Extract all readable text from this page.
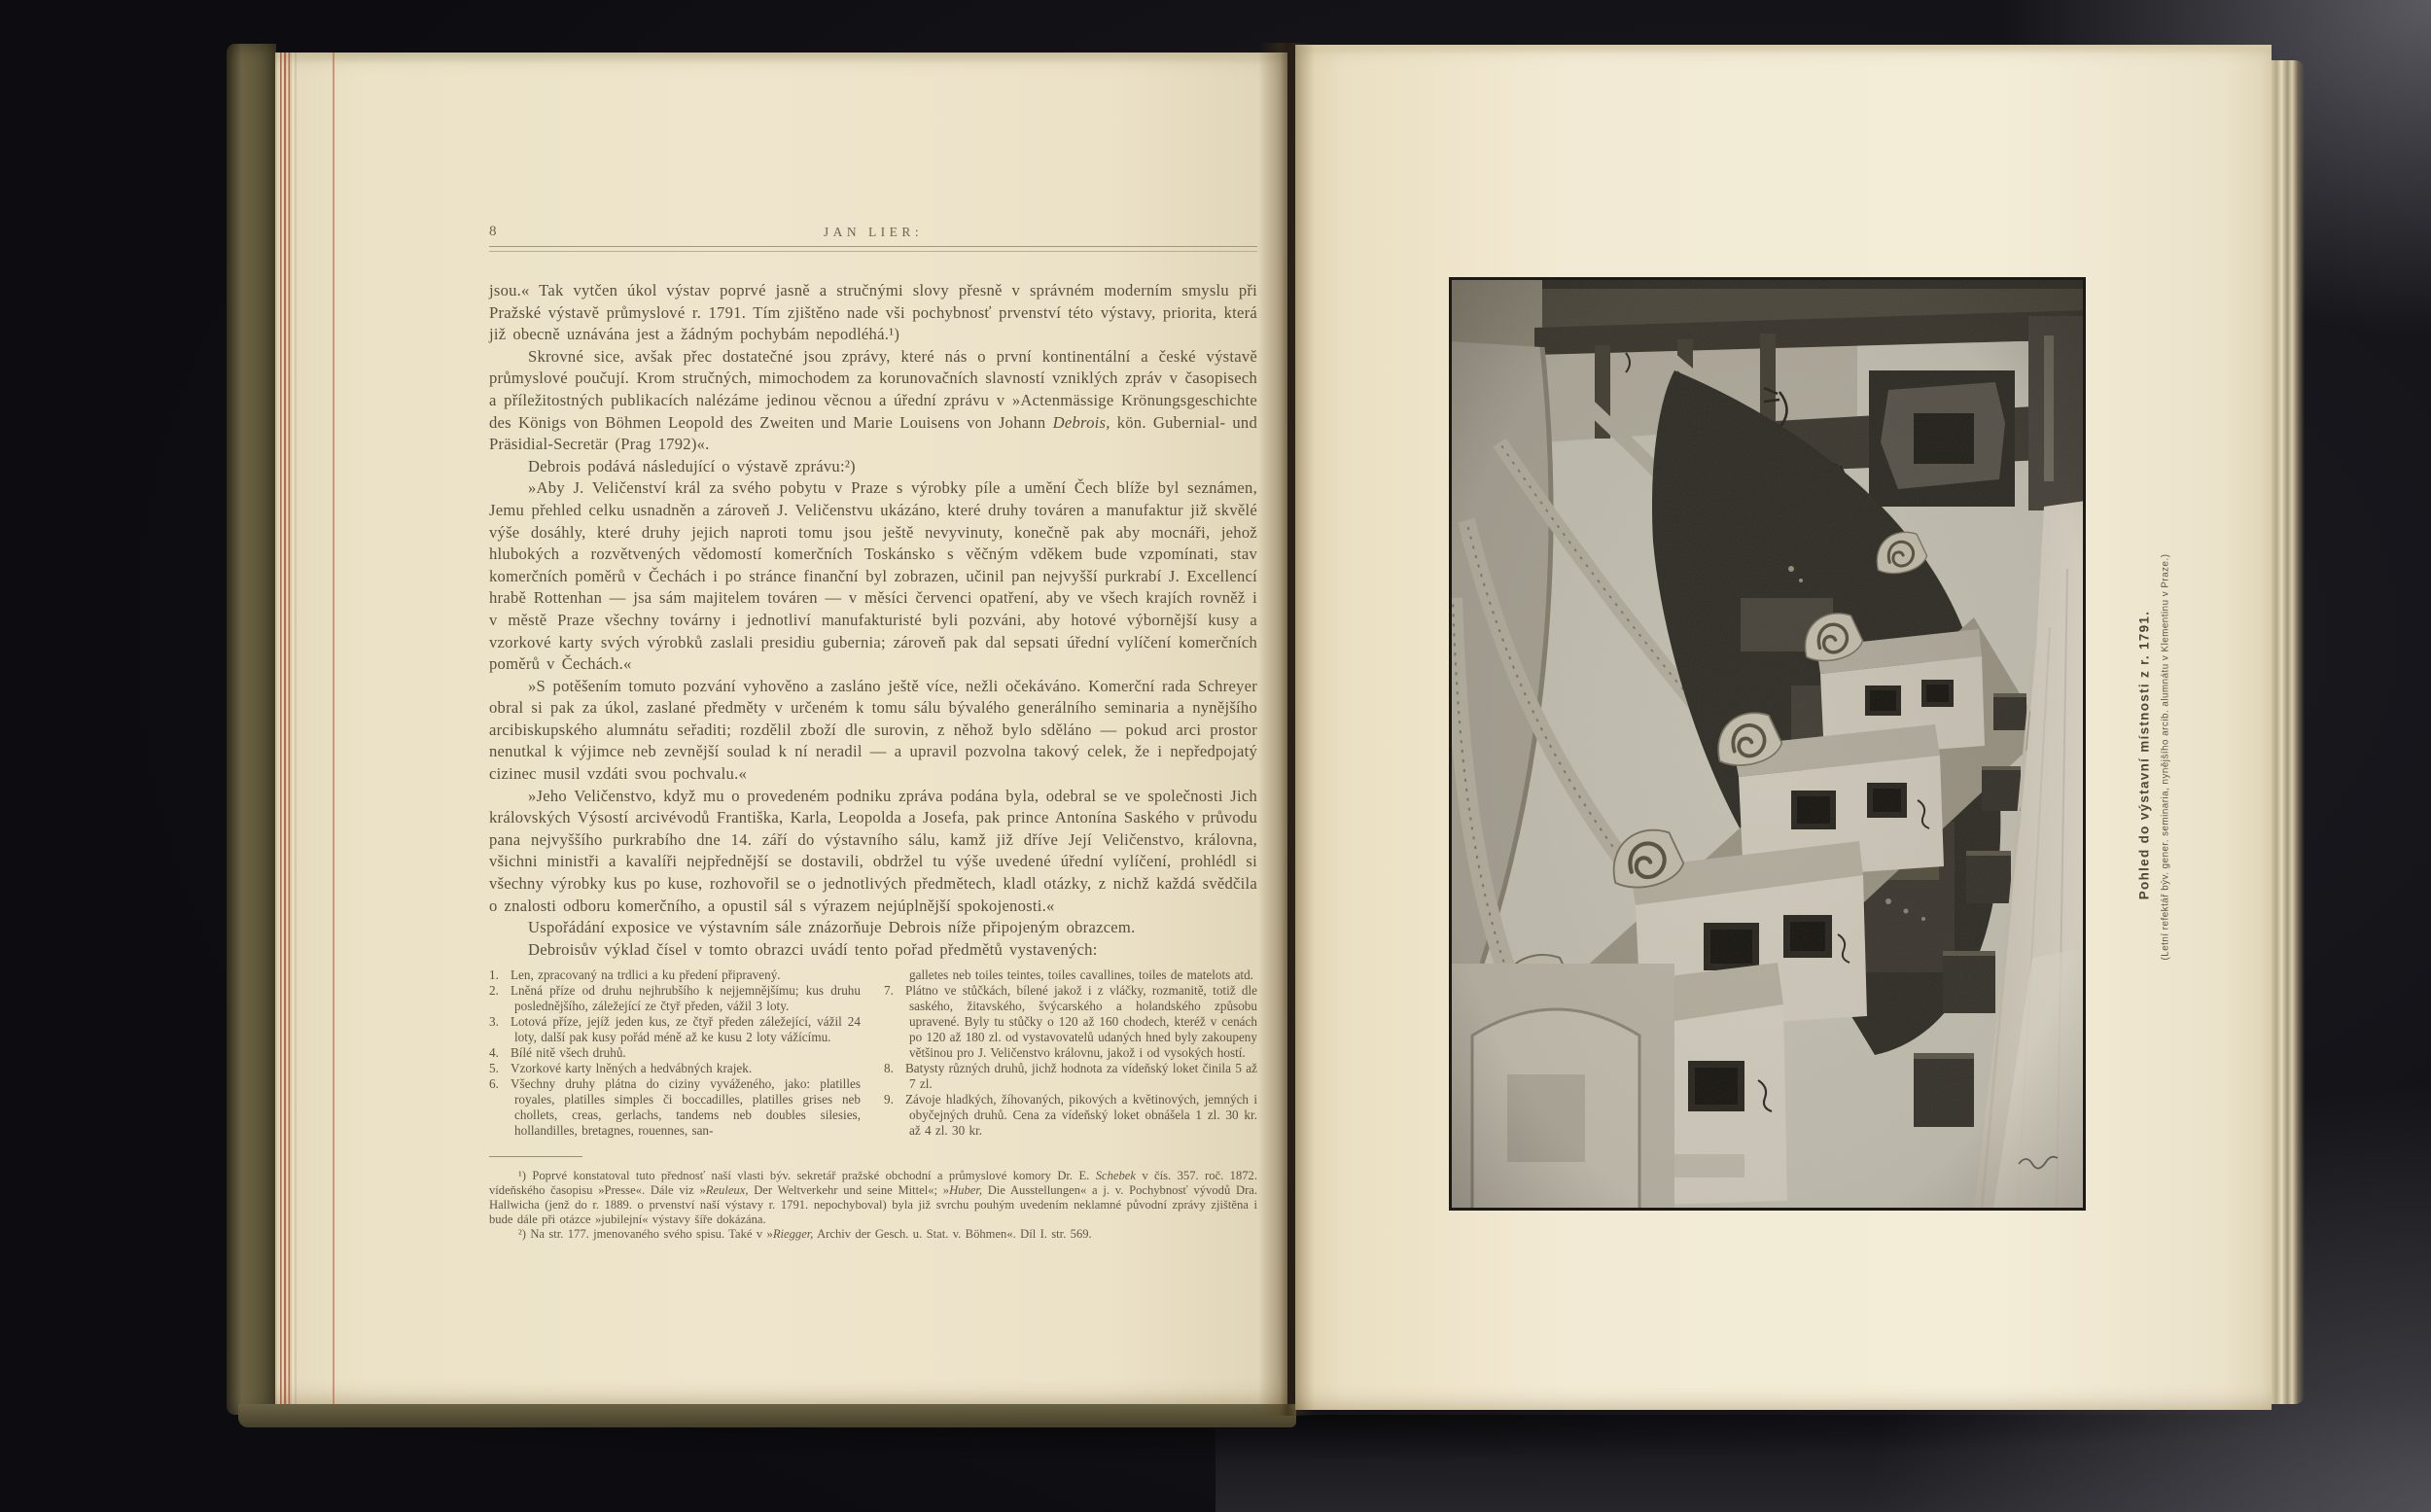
8	JAN LIER:

jsou.« Tak vytčen úkol výstav poprvé jasně a stručnými slovy přesně v správném moderním smyslu při Pražské výstavě průmyslové r. 1791. Tím zjištěno nade vši pochybnosť prvenství této výstavy, priorita, která již obecně uznávána jest a žádným pochybám nepodléhá.¹)

Skrovné sice, avšak přec dostatečné jsou zprávy, které nás o první kontinentální a české výstavě průmyslové poučují. Krom stručných, mimochodem za korunovačních slavností vzniklých zpráv v časopisech a příležitostných publikacích nalézáme jedinou věcnou a úřední zprávu v »Actenmässige Krönungsgeschichte des Königs von Böhmen Leopold des Zweiten und Marie Louisens von Johann Debrois, kön. Gubernial- und Präsidial-Secretär (Prag 1792)«.

Debrois podává následující o výstavě zprávu:²)

»Aby J. Veličenství král za svého pobytu v Praze s výrobky píle a umění Čech blíže byl seznámen, Jemu přehled celku usnadněn a zároveň J. Veličenstvu ukázáno, které druhy továren a manufaktur již skvělé výše dosáhly, které druhy jejich naproti tomu jsou ještě nevyvinuty, konečně pak aby mocnáři, jehož hlubokých a rozvětvených vědomostí komerčních Toskánsko s věčným vděkem bude vzpomínati, stav komerčních poměrů v Čechách i po stránce finanční byl zobrazen, učinil pan nejvyšší purkrabí J. Excellencí hrabě Rottenhan — jsa sám majitelem továren — v měsíci červenci opatření, aby ve všech krajích rovněž i v městě Praze všechny továrny i jednotliví manufakturisté byli pozváni, aby hotové výbornější kusy a vzorkové karty svých výrobků zaslali presidiu gubernia; zároveň pak dal sepsati úřední vylíčení komerčních poměrů v Čechách.«

»S potěšením tomuto pozvání vyhověno a zasláno ještě více, nežli očekáváno. Komerční rada Schreyer obral si pak za úkol, zaslané předměty v určeném k tomu sálu bývalého generálního seminaria a nynějšího arcibiskupského alumnátu seřaditi; rozdělil zboží dle surovin, z něhož bylo sděláno — pokud arci prostor nenutkal k výjimce neb zevnější soulad k ní neradil — a upravil pozvolna takový celek, že i nepředpojatý cizinec musil vzdáti svou pochvalu.«

»Jeho Veličenstvo, když mu o provedeném podniku zpráva podána byla, odebral se ve společnosti Jich královských Výsostí arcivévodů Františka, Karla, Leopolda a Josefa, pak prince Antonína Saského v průvodu pana nejvyššího purkrabího dne 14. září do výstavního sálu, kamž již dříve Její Veličenstvo, královna, všichni ministři a kavalíři nejpřednější se dostavili, obdržel tu výše uvedené úřední vylíčení, prohlédl si všechny výrobky kus po kuse, rozhovořil se o jednotlivých předmětech, kladl otázky, z nichž každá svědčila o znalosti odboru komerčního, a opustil sál s výrazem nejúplnější spokojenosti.«

Uspořádání exposice ve výstavním sále znázorňuje Debrois níže připojeným obrazcem.

Debroisův výklad čísel v tomto obrazci uvádí tento pořad předmětů vystavených:

1. Len, zpracovaný na trdlici a ku předení připravený.

2. Lněná příze od druhu nejhrubšího k nejjemnějšímu; kus druhu poslednějšího, záležející ze čtyř předen, vážil 3 loty.

3. Lotová příze, jejíž jeden kus, ze čtyř předen záležející, vážil 24 loty, další pak kusy pořád méně až ke kusu 2 loty vážícímu.

4. Bílé nitě všech druhů.

5. Vzorkové karty lněných a hedvábných krajek.

6. Všechny druhy plátna do ciziny vyváženého, jako: platilles royales, platilles simples či boccadilles, platilles grises neb chollets, creas, gerlachs, tandems neb doubles silesies, hollandilles, bretagnes, rouennes, san-

galletes neb toiles teintes, toiles cavallines, toiles de matelots atd.

7. Plátno ve stůčkách, bílené jakož i z vláčky, rozmanitě, totiž dle saského, žitavského, švýcarského a holandského způsobu upravené. Byly tu stůčky o 120 až 160 chodech, kteréž v cenách po 120 až 180 zl. od vystavovatelů udaných hned byly zakoupeny většinou pro J. Veličenstvo královnu, jakož i od vysokých hostí.

8. Batysty různých druhů, jichž hodnota za vídeňský loket činila 5 až 7 zl.

9. Závoje hladkých, žíhovaných, pikových a květinových, jemných i obyčejných druhů. Cena za vídeňský loket obnášela 1 zl. 30 kr. až 4 zl. 30 kr.

¹) Poprvé konstatoval tuto přednosť naší vlasti býv. sekretář pražské obchodní a průmyslové komory Dr. E. Schebek v čís. 357. roč. 1872. vídeňského časopisu »Presse«. Dále viz »Reuleux, Der Weltverkehr und seine Mittel«; »Huber, Die Ausstellungen« a j. v. Pochybnosť vývodů Dra. Hallwicha (jenž do r. 1889. o prvenství naší výstavy r. 1791. nepochyboval) byla již svrchu pouhým uvedením neklamné původní zprávy zjištěna i bude dále při otázce »jubilejní« výstavy šíře dokázána.

²) Na str. 177. jmenovaného svého spisu. Také v »Riegger, Archiv der Gesch. u. Stat. v. Böhmen«. Díl I. str. 569.

Pohled do výstavní místnosti z r. 1791. (Letní refektář býv. gener. seminaria, nynějšího arcib. alumnátu v Klementinu v Praze.)
